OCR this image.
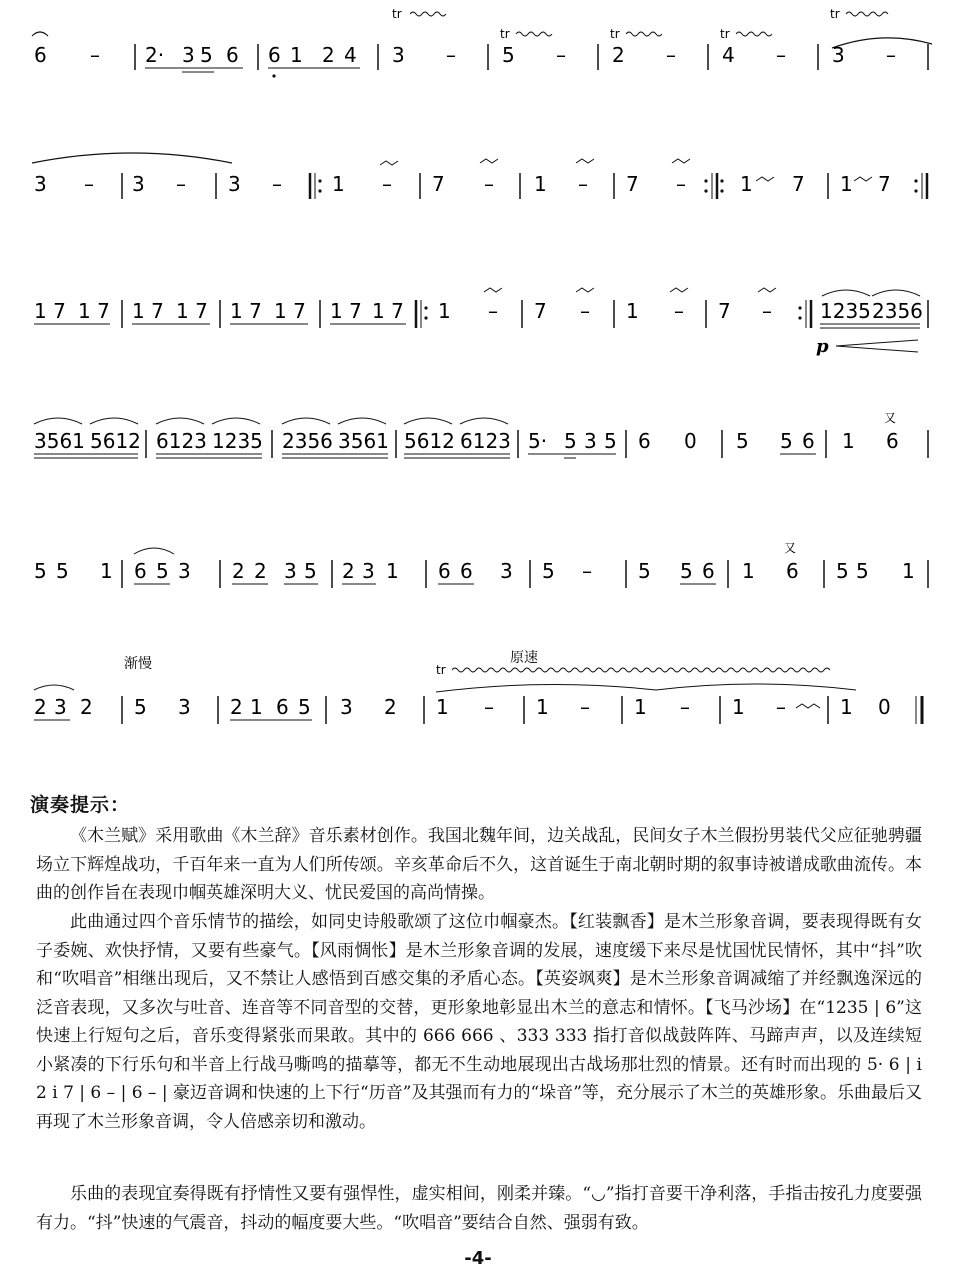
tr
tr	tr	tr
tr
6 – 2· 3 5 6 6 1 2 4 3 – 5 – 2 – 4 – 3 –
3 – 3 – 3 –	1 – 7 – 1 – 7 –	1 7 1 7
1 7 1 7 1 7 1 7 1 7 1 7 1 7 1 7 1 – 7 – 1 – 7 – 1235 2356
p
3561 5612 6123 1235 2356 3561 5612 6123 5· 5 3 5 6 0 5 5 6 1 6
又
5 5 1 6 5 3 2 2 3 5 2 3 1 6 6 3 5 – 5 5 6 1 6
又
5 5 1
渐慢	原速
tr
2 3 2 5 3 2 1 6 5 3 2 1 – 1 – 1 – 1 –	1 0
演奏提示：
《木兰赋》采用歌曲《木兰辞》音乐素材创作。我国北魏年间，边关战乱，民间女子木兰假扮男装代父应征驰骋疆场立下辉煌战功，千百年来一直为人们所传颂。辛亥革命后不久，这首诞生于南北朝时期的叙事诗被谱成歌曲流传。本曲的创作旨在表现巾帼英雄深明大义、忧民爱国的高尚情操。
此曲通过四个音乐情节的描绘，如同史诗般歌颂了这位巾帼豪杰。【红装飘香】是木兰形象音调，要表现得既有女子委婉、欢快抒情，又要有些豪气。【风雨惆怅】是木兰形象音调的发展，速度缓下来尽是忧国忧民情怀，其中“抖”吹和“吹唱音”相继出现后，又不禁让人感悟到百感交集的矛盾心态。【英姿飒爽】是木兰形象音调减缩了并经飘逸深远的泛音表现，又多次与吐音、连音等不同音型的交替，更形象地彰显出木兰的意志和情怀。【飞马沙场】在“1235 | 6”这快速上行短句之后，音乐变得紧张而果敢。其中的 666 666 、333 333 指打音似战鼓阵阵、马蹄声声，以及连续短小紧凑的下行乐句和半音上行战马嘶鸣的描摹等，都无不生动地展现出古战场那壮烈的情景。还有时而出现的 5· 6 | i 2 i 7 | 6 – | 6 – | 豪迈音调和快速的上下行“历音”及其强而有力的“垛音”等，充分展示了木兰的英雄形象。乐曲最后又再现了木兰形象音调，令人倍感亲切和激动。
乐曲的表现宜奏得既有抒情性又要有强悍性，虚实相间，刚柔并臻。“◡”指打音要干净利落，手指击按孔力度要强有力。“抖”快速的气震音，抖动的幅度要大些。“吹唱音”要结合自然、强弱有致。
-4-
